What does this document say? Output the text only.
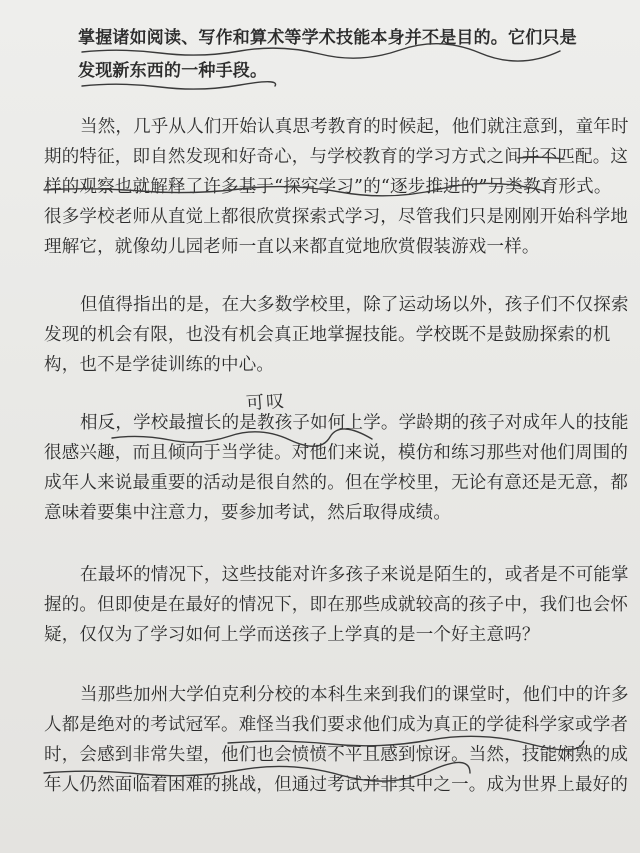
掌握诸如阅读、写作和算术等学术技能本身并不是目的。它们只是
发现新东西的一种手段。
当然，几乎从人们开始认真思考教育的时候起，他们就注意到，童年时
期的特征，即自然发现和好奇心，与学校教育的学习方式之间并不匹配。这
样的观察也就解释了许多基于“探究学习”的“逐步推进的”另类教育形式。
很多学校老师从直觉上都很欣赏探索式学习，尽管我们只是刚刚开始科学地
理解它，就像幼儿园老师一直以来都直觉地欣赏假装游戏一样。
但值得指出的是，在大多数学校里，除了运动场以外，孩子们不仅探索
发现的机会有限，也没有机会真正地掌握技能。学校既不是鼓励探索的机
构，也不是学徒训练的中心。
可叹
相反，学校最擅长的是教孩子如何上学。学龄期的孩子对成年人的技能
很感兴趣，而且倾向于当学徒。对他们来说，模仿和练习那些对他们周围的
成年人来说最重要的活动是很自然的。但在学校里，无论有意还是无意，都
意味着要集中注意力，要参加考试，然后取得成绩。
在最坏的情况下，这些技能对许多孩子来说是陌生的，或者是不可能掌
握的。但即使是在最好的情况下，即在那些成就较高的孩子中，我们也会怀
疑，仅仅为了学习如何上学而送孩子上学真的是一个好主意吗？
当那些加州大学伯克利分校的本科生来到我们的课堂时，他们中的许多
人都是绝对的考试冠军。难怪当我们要求他们成为真正的学徒科学家或学者
时，会感到非常失望，他们也会愤愤不平且感到惊讶。当然，技能娴熟的成
年人仍然面临着困难的挑战，但通过考试并非其中之一。成为世界上最好的
